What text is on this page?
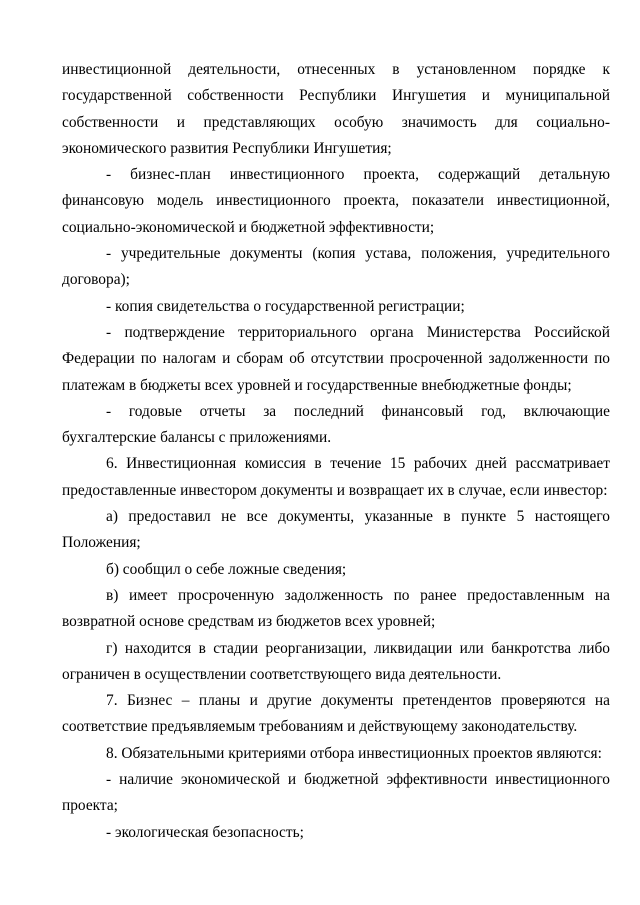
инвестиционной деятельности, отнесенных в установленном порядке к государственной собственности Республики Ингушетия и муниципальной собственности и представляющих особую значимость для социально-экономического развития Республики Ингушетия;

- бизнес-план инвестиционного проекта, содержащий детальную финансовую модель инвестиционного проекта, показатели инвестиционной, социально-экономической и бюджетной эффективности;

- учредительные документы (копия устава, положения, учредительного договора);

- копия свидетельства о государственной регистрации;

- подтверждение территориального органа Министерства Российской Федерации по налогам и сборам об отсутствии просроченной задолженности по платежам в бюджеты всех уровней и государственные внебюджетные фонды;

- годовые отчеты за последний финансовый год, включающие бухгалтерские балансы с приложениями.

6. Инвестиционная комиссия в течение 15 рабочих дней рассматривает предоставленные инвестором документы и возвращает их в случае, если инвестор:

а) предоставил не все документы, указанные в пункте 5 настоящего Положения;

б) сообщил о себе ложные сведения;

в) имеет просроченную задолженность по ранее предоставленным на возвратной основе средствам из бюджетов всех уровней;

г) находится в стадии реорганизации, ликвидации или банкротства либо ограничен в осуществлении соответствующего вида деятельности.

7. Бизнес – планы и другие документы претендентов проверяются на соответствие предъявляемым требованиям и действующему законодательству.

8. Обязательными критериями отбора инвестиционных проектов являются:

- наличие экономической и бюджетной эффективности инвестиционного проекта;

- экологическая безопасность;
